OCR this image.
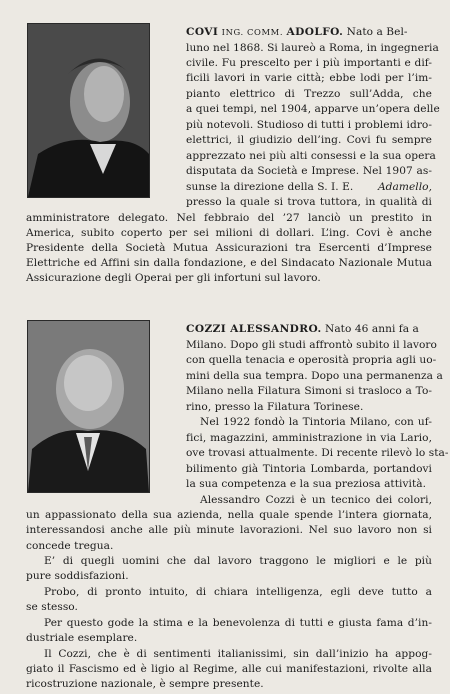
COVI ING. COMM. ADOLFO. Nato a Bel-
luno nel 1868. Si laureò a Roma, in ingegneria
civile. Fu prescelto per i più importanti e dif-
ficili lavori in varie città; ebbe lodi per l’im-
pianto elettrico di Trezzo sull’Adda, che
a quei tempi, nel 1904, apparve un’opera delle
più notevoli. Studioso di tutti i problemi idro-
elettrici, il giudizio dell’ing. Covi fu sempre
apprezzato nei più alti consessi e la sua opera
disputata da Società e Imprese. Nel 1907 as-
sunse la direzione della S. I. E. Adamello,
presso la quale si trova tuttora, in qualità di
amministratore delegato. Nel febbraio del ’27 lanciò un prestito in
America, subito coperto per sei milioni di dollari. L’ing. Covi è anche
Presidente della Società Mutua Assicurazioni tra Esercenti d’Imprese
Elettriche ed Affini sin dalla fondazione, e del Sindacato Nazionale Mutua
Assicurazione degli Operai per gli infortuni sul lavoro.
COZZI ALESSANDRO. Nato 46 anni fa a
Milano. Dopo gli studi affrontò subito il lavoro
con quella tenacia e operosità propria agli uo-
mini della sua tempra. Dopo una permanenza a
Milano nella Filatura Simoni si trasloco a To-
rino, presso la Filatura Torinese.
Nel 1922 fondò la Tintoria Milano, con uf-
fici, magazzini, amministrazione in via Lario,
ove trovasi attualmente. Di recente rilevò lo sta-
bilimento già Tintoria Lombarda, portandovi
la sua competenza e la sua preziosa attività.
Alessandro Cozzi è un tecnico dei colori,
un appassionato della sua azienda, nella quale spende l’intera giornata,
interessandosi anche alle più minute lavorazioni. Nel suo lavoro non si
concede tregua.
E’ di quegli uomini che dal lavoro traggono le migliori e le più
pure soddisfazioni.
Probo, di pronto intuito, di chiara intelligenza, egli deve tutto a
se stesso.
Per questo gode la stima e la benevolenza di tutti e giusta fama d’in-
dustriale esemplare.
Il Cozzi, che è di sentimenti italianissimi, sin dall’inizio ha appog-
giato il Fascismo ed è ligio al Regime, alle cui manifestazioni, rivolte alla
ricostruzione nazionale, è sempre presente.
